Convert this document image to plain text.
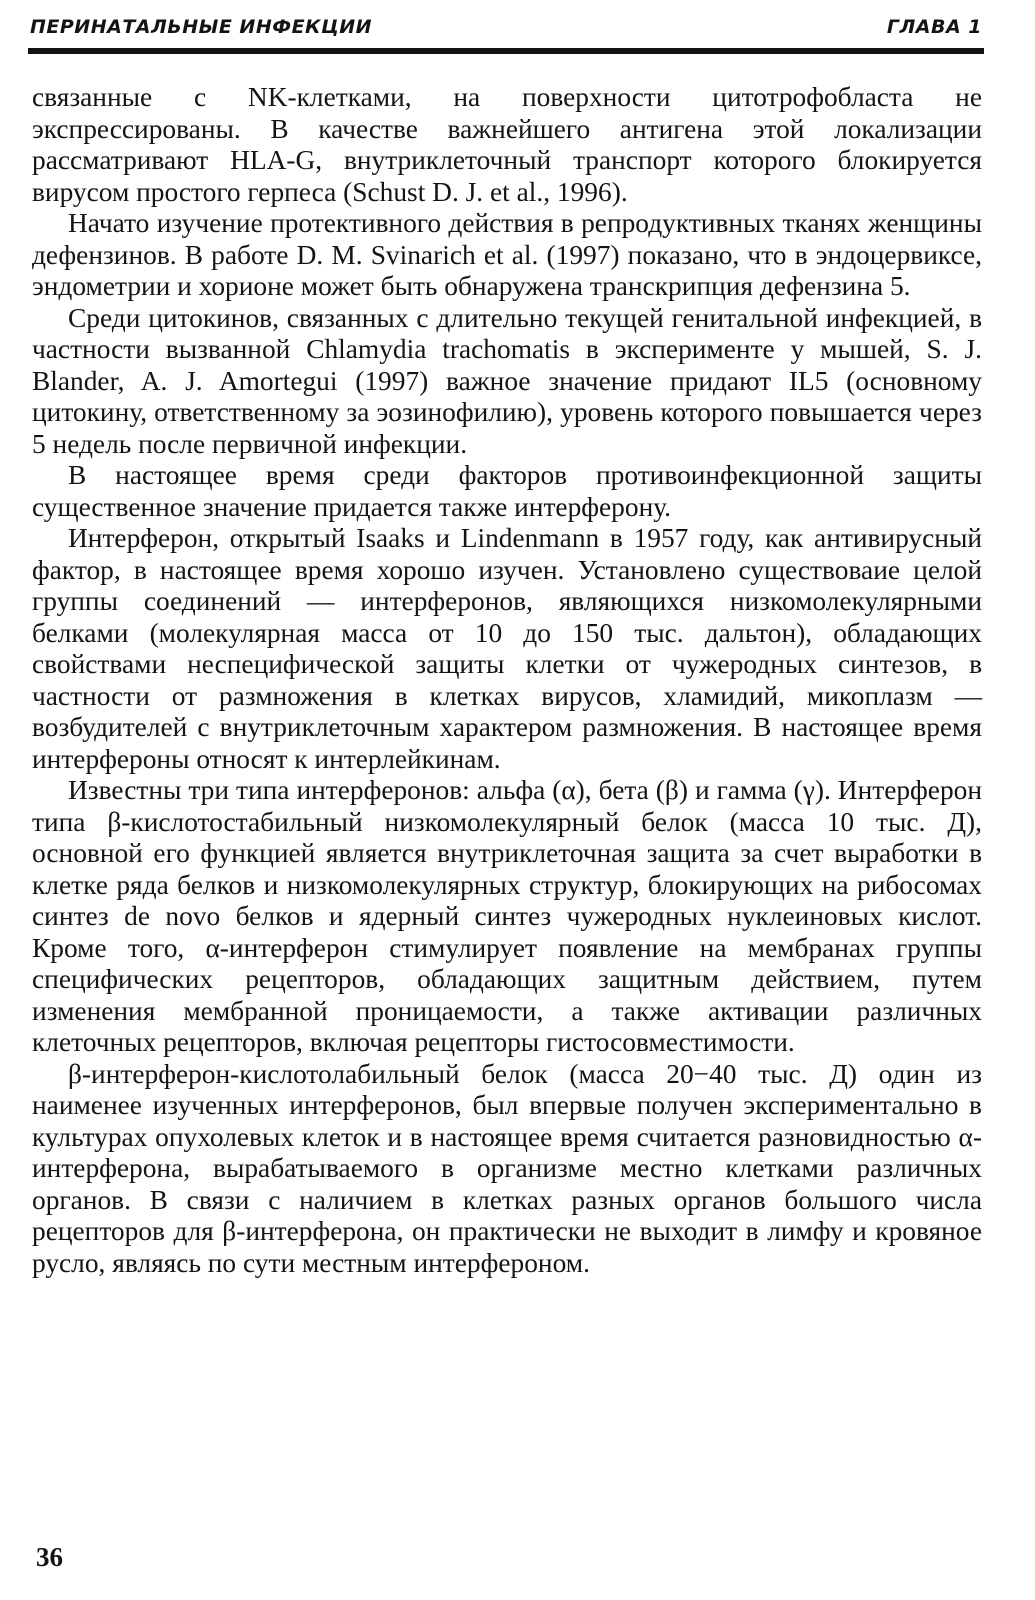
ПЕРИНАТАЛЬНЫЕ ИНФЕКЦИИ	ГЛАВА 1

связанные с NK-клетками, на поверхности цитотрофобласта не экспрессированы. В качестве важнейшего антигена этой локализации рассматривают HLA-G, внутриклеточный транспорт которого блокируется вирусом простого герпеса (Schust D. J. et al., 1996).

Начато изучение протективного действия в репродуктивных тканях женщины дефензинов. В работе D. M. Svinarich et al. (1997) показано, что в эндоцервиксе, эндометрии и хорионе может быть обнаружена транскрипция дефензина 5.

Среди цитокинов, связанных с длительно текущей генитальной инфекцией, в частности вызванной Chlamydia trachomatis в эксперименте у мышей, S. J. Blander, A. J. Amortegui (1997) важное значение придают IL5 (основному цитокину, ответственному за эозинофилию), уровень которого повышается через 5 недель после первичной инфекции.

В настоящее время среди факторов противоинфекционной защиты существенное значение придается также интерферону.

Интерферон, открытый Isaaks и Lindenmann в 1957 году, как антивирусный фактор, в настоящее время хорошо изучен. Установлено существоваие целой группы соединений — интерферонов, являющихся низкомолекулярными белками (молекулярная масса от 10 до 150 тыс. дальтон), обладающих свойствами неспецифической защиты клетки от чужеродных синтезов, в частности от размножения в клетках вирусов, хламидий, микоплазм — возбудителей с внутриклеточным характером размножения. В настоящее время интерфероны относят к интерлейкинам.

Известны три типа интерферонов: альфа (α), бета (β) и гамма (γ). Интерферон типа β-кислотостабильный низкомолекулярный белок (масса 10 тыс. Д), основной его функцией является внутриклеточная защита за счет выработки в клетке ряда белков и низкомолекулярных структур, блокирующих на рибосомах синтез de novo белков и ядерный синтез чужеродных нуклеиновых кислот. Кроме того, α-интерферон стимулирует появление на мембранах группы специфических рецепторов, обладающих защитным действием, путем изменения мембранной проницаемости, а также активации различных клеточных рецепторов, включая рецепторы гистосовместимости.

β-интерферон-кислотолабильный белок (масса 20−40 тыс. Д) один из наименее изученных интерферонов, был впервые получен экспериментально в культурах опухолевых клеток и в настоящее время считается разновидностью α-интерферона, вырабатываемого в организме местно клетками различных органов. В связи с наличием в клетках разных органов большого числа рецепторов для β-интерферона, он практически не выходит в лимфу и кровяное русло, являясь по сути местным интерфероном.

36
